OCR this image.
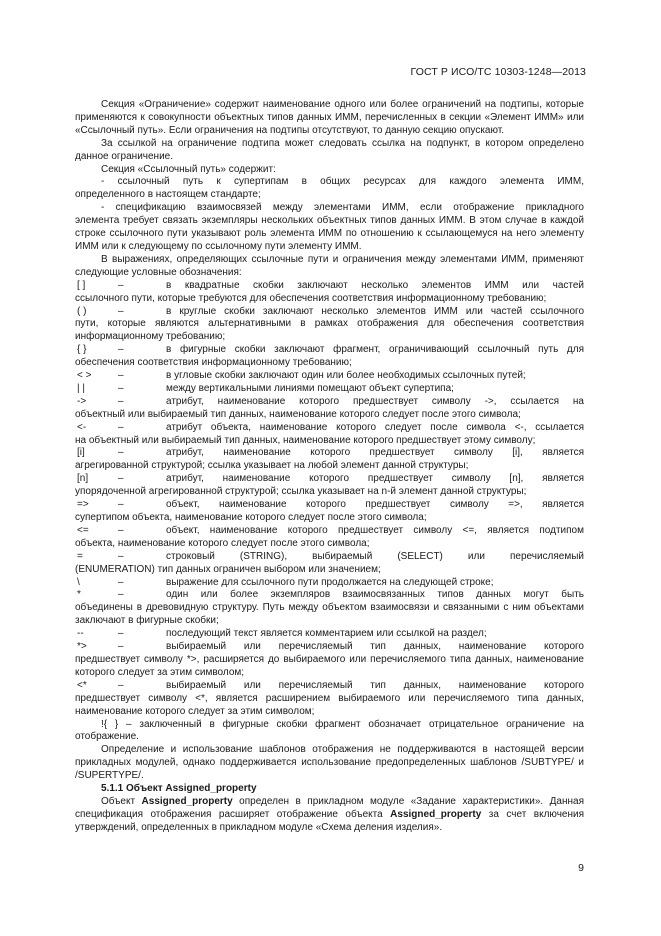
ГОСТ Р ИСО/ТС 10303-1248—2013

Секция «Ограничение» содержит наименование одного или более ограничений на подтипы, которые применяются к совокупности объектных типов данных ИММ, перечисленных в секции «Элемент ИММ» или «Ссылочный путь». Если ограничения на подтипы отсутствуют, то данную секцию опускают.

За ссылкой на ограничение подтипа может следовать ссылка на подпункт, в котором определено данное ограничение.

Секция «Ссылочный путь» содержит:

- ссылочный путь к супертипам в общих ресурсах для каждого элемента ИММ,

определенного в настоящем стандарте;

- спецификацию взаимосвязей между элементами ИММ, если отображение прикладного

элемента требует связать экземпляры нескольких объектных типов данных ИММ. В этом случае в каждой строке ссылочного пути указывают роль элемента ИММ по отношению к ссылающемуся на него элементу ИММ или к следующему по ссылочному пути элементу ИММ.

В выражениях, определяющих ссылочные пути и ограничения между элементами ИММ, применяют следующие условные обозначения:

[ ]	–	в квадратные скобки заключают несколько элементов ИММ или частей

ссылочного пути, которые требуются для обеспечения соответствия информационному требованию;

( )	–	в круглые скобки заключают несколько элементов ИММ или частей ссылочного

пути, которые являются альтернативными в рамках отображения для обеспечения соответствия информационному требованию;

{ }	–	в фигурные скобки заключают фрагмент, ограничивающий ссылочный путь для

обеспечения соответствия информационному требованию;

< >	–	в угловые скобки заключают один или более необходимых ссылочных путей;
| |	–	между вертикальными линиями помещают объект супертипа;
->	–	атрибут, наименование которого предшествует символу ->, ссылается на

объектный или выбираемый тип данных, наименование которого следует после этого символа;

<-	–	атрибут объекта, наименование которого следует после символа <-, ссылается

на объектный или выбираемый тип данных, наименование которого предшествует этому символу;

[i]	–	атрибут, наименование которого предшествует символу [i], является

агрегированной структурой; ссылка указывает на любой элемент данной структуры;

[n]	–	атрибут, наименование которого предшествует символу [n], является

упорядоченной агрегированной структурой; ссылка указывает на n-й элемент данной структуры;

=>	–	объект, наименование которого предшествует символу =>, является

супертипом объекта, наименование которого следует после этого символа;

<=	–	объект, наименование которого предшествует символу <=, является подтипом

объекта, наименование которого следует после этого символа;

=	–	строковый (STRING), выбираемый (SELECT) или перечисляемый

(ENUMERATION) тип данных ограничен выбором или значением;

\	–	выражение для ссылочного пути продолжается на следующей строке;
*	–	один или более экземпляров взаимосвязанных типов данных могут быть

объединены в древовидную структуру. Путь между объектом взаимосвязи и связанными с ним объектами заключают в фигурные скобки;

--	–	последующий текст является комментарием или ссылкой на раздел;
*>	–	выбираемый или перечисляемый тип данных, наименование которого

предшествует символу *>, расширяется до выбираемого или перечисляемого типа данных, наименование которого следует за этим символом;

<*	–	выбираемый или перечисляемый тип данных, наименование которого

предшествует символу <*, является расширением выбираемого или перечисляемого типа данных, наименование которого следует за этим символом;

!{ } – заключенный в фигурные скобки фрагмент обозначает отрицательное ограничение на

отображение.

Определение и использование шаблонов отображения не поддерживаются в настоящей версии прикладных модулей, однако поддерживается использование предопределенных шаблонов /SUBTYPE/ и /SUPERTYPE/.

5.1.1 Объект Assigned_property

Объект Assigned_property определен в прикладном модуле «Задание характеристики». Данная спецификация отображения расширяет отображение объекта Assigned_property за счет включения утверждений, определенных в прикладном модуле «Схема деления изделия».

9
